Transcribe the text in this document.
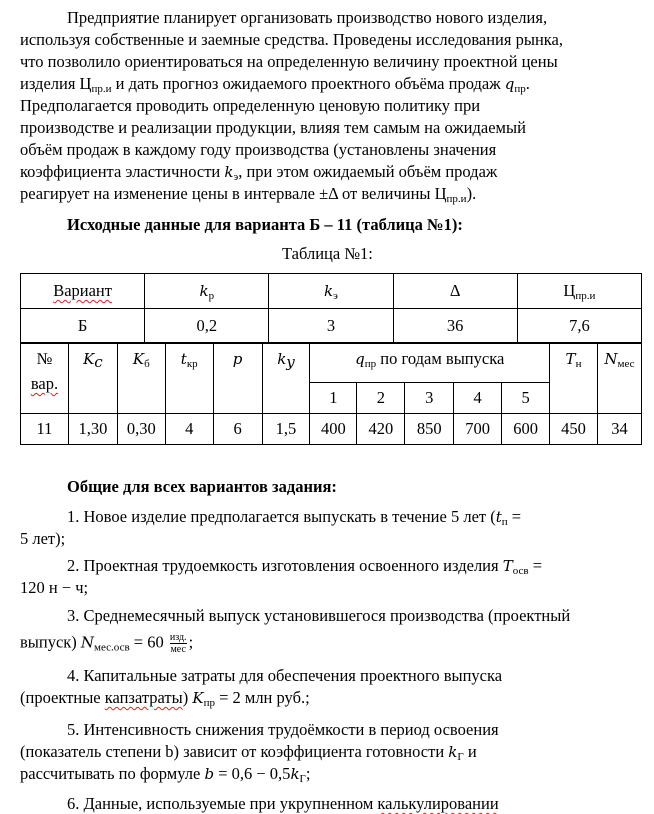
Предприятие планирует организовать производство нового изделия,
используя собственные и заемные средства. Проведены исследования рынка,
что позволило ориентироваться на определенную величину проектной цены
изделия $Ц_{пр.и}$ и дать прогноз ожидаемого проектного объёма продаж $q_{пр}$.
Предполагается проводить определенную ценовую политику при
производстве и реализации продукции, влияя тем самым на ожидаемый
объём продаж в каждому году производства (установлены значения
коэффициента эластичности $k_э$, при этом ожидаемый объём продаж
реагирует на изменение цены в интервале ±Δ от величины $Ц_{пр.и}$).
Исходные данные для варианта Б – 11 (таблица №1):
Таблица №1:
Вариант	$k_р$	$k_э$	Δ	$Ц_{пр.и}$
Б	0,2	3	36	7,6
№
вар.	$K_c$	$K_б$	$t_{кр}$	p	$k_y$	$q_{пр}$ по годам выпуска					$T_н$	$N_{мес}$
						1	2	3	4	5		
11	1,30	0,30	4	6	1,5	400	420	850	700	600	450	34
Общие для всех вариантов задания:
1. Новое изделие предполагается выпускать в течение 5 лет ($t_п$ =
5 лет);
2. Проектная трудоемкость изготовления освоенного изделия $T_{осв}$ =
120 н − ч;
3. Среднемесячный выпуск установившегося производства (проектный
выпуск) $N_{мес.осв} = 60 \frac{\text{изд.}}{\text{мес}}$ ;
4. Капитальные затраты для обеспечения проектного выпуска
(проектные капзатраты) $K_{пр} = 2$ млн руб.;
5. Интенсивность снижения трудоёмкости в период освоения
(показатель степени b) зависит от коэффициента готовности $k_Г$ и
рассчитывать по формуле $b = 0,6 - 0,5k_Г$;
6. Данные, используемые при укрупненном калькулировании
